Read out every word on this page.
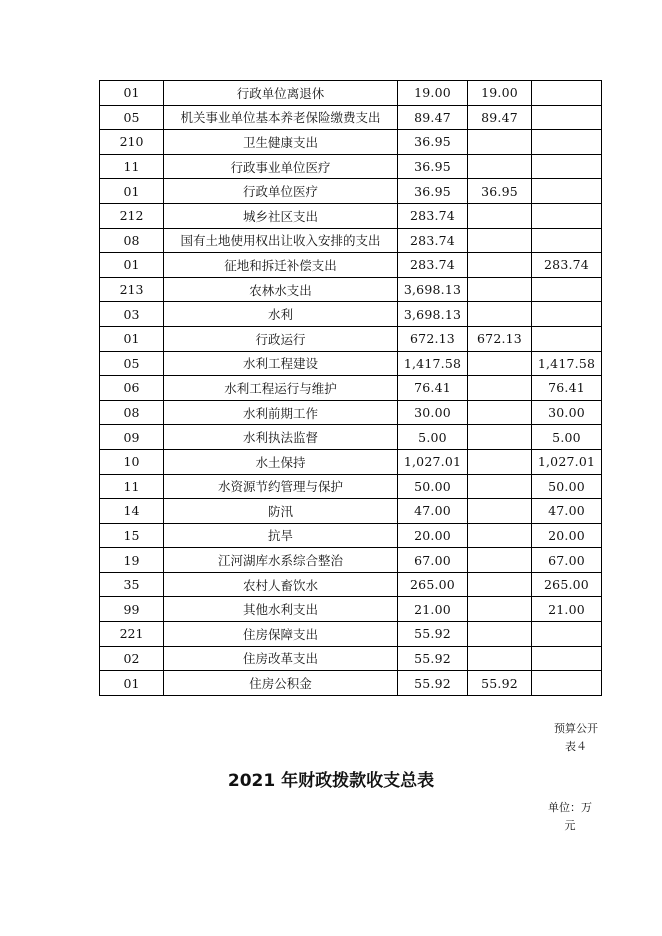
01	行政单位离退休	19.00	19.00	
05	机关事业单位基本养老保险缴费支出	89.47	89.47	
210	卫生健康支出	36.95		
11	行政事业单位医疗	36.95		
01	行政单位医疗	36.95	36.95	
212	城乡社区支出	283.74		
08	国有土地使用权出让收入安排的支出	283.74		
01	征地和拆迁补偿支出	283.74		283.74
213	农林水支出	3,698.13		
03	水利	3,698.13		
01	行政运行	672.13	672.13	
05	水利工程建设	1,417.58		1,417.58
06	水利工程运行与维护	76.41		76.41
08	水利前期工作	30.00		30.00
09	水利执法监督	5.00		5.00
10	水土保持	1,027.01		1,027.01
11	水资源节约管理与保护	50.00		50.00
14	防汛	47.00		47.00
15	抗旱	20.00		20.00
19	江河湖库水系综合整治	67.00		67.00
35	农村人畜饮水	265.00		265.00
99	其他水利支出	21.00		21.00
221	住房保障支出	55.92		
02	住房改革支出	55.92		
01	住房公积金	55.92	55.92	
预算公开
表４
2021 年财政拨款收支总表
单位：万
元
